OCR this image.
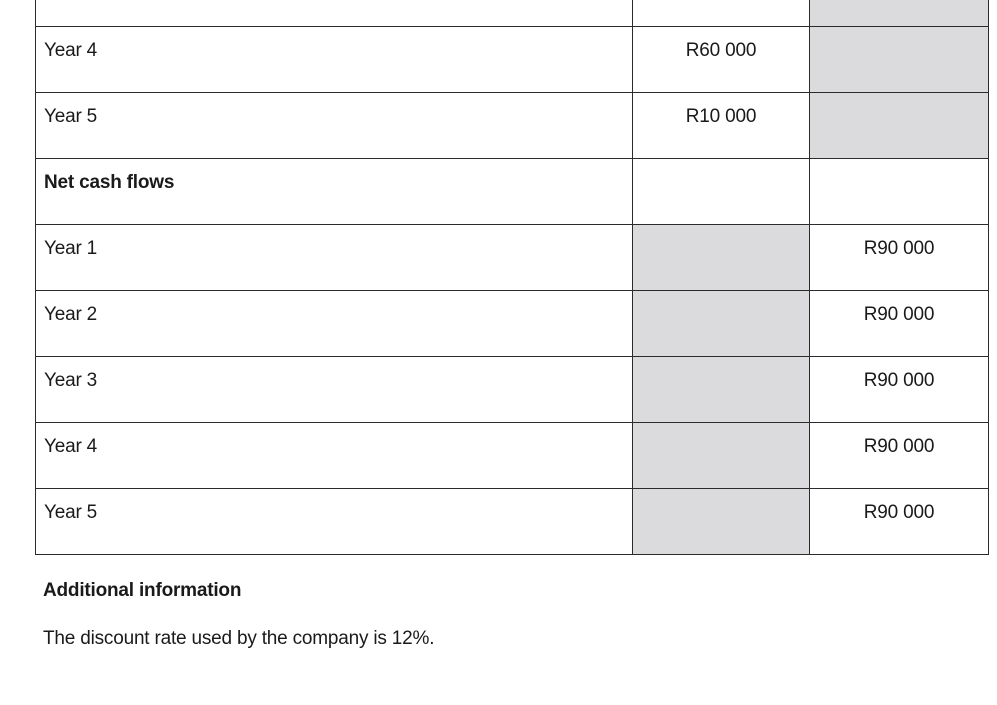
Year 4	R60 000	
Year 5	R10 000	
Net cash flows		
Year 1		R90 000
Year 2		R90 000
Year 3		R90 000
Year 4		R90 000
Year 5		R90 000
Additional information

The discount rate used by the company is 12%.
